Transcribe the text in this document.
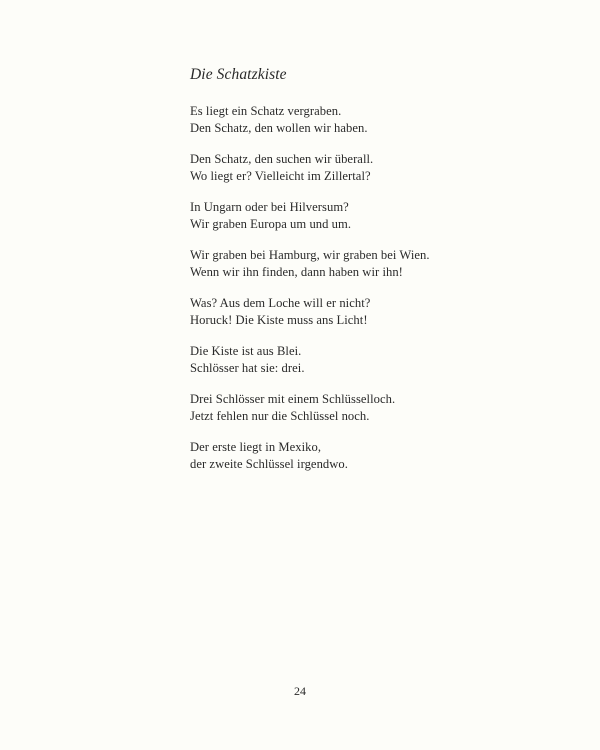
Die Schatzkiste

Es liegt ein Schatz vergraben.
Den Schatz, den wollen wir haben.

Den Schatz, den suchen wir überall.
Wo liegt er? Vielleicht im Zillertal?

In Ungarn oder bei Hilversum?
Wir graben Europa um und um.

Wir graben bei Hamburg, wir graben bei Wien.
Wenn wir ihn finden, dann haben wir ihn!

Was? Aus dem Loche will er nicht?
Horuck! Die Kiste muss ans Licht!

Die Kiste ist aus Blei.
Schlösser hat sie: drei.

Drei Schlösser mit einem Schlüsselloch.
Jetzt fehlen nur die Schlüssel noch.

Der erste liegt in Mexiko,
der zweite Schlüssel irgendwo.

24
